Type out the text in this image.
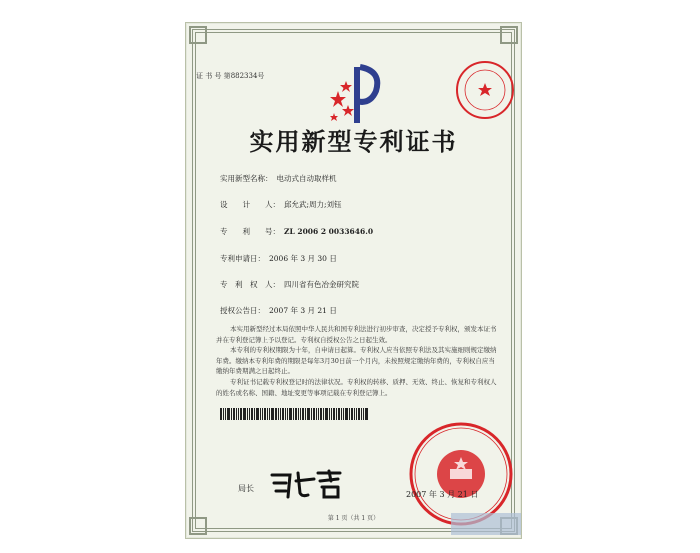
证 书 号 第882334号
实用新型专利证书
实用新型名称： 电动式自动取样机
设　　计　　人： 邱允武;周力;刘钰
专　　利　　号： ZL 2006 2 0033646.0
专利申请日： 2006 年 3 月 30 日
专　利　权　人： 四川省有色冶金研究院
授权公告日： 2007 年 3 月 21 日

本实用新型经过本局依照中华人民共和国专利法进行初步审查，决定授予专利权，颁发本证书并在专利登记簿上予以登记。专利权自授权公告之日起生效。

本专利的专利权期限为十年，自申请日起算。专利权人应当依照专利法及其实施细则规定缴纳年费。缴纳本专利年费的期限是每年3月30日前一个月内，未按照规定缴纳年费的，专利权自应当缴纳年费期满之日起终止。

专利证书记载专利权登记时的法律状况。专利权的转移、质押、无效、终止、恢复和专利权人的姓名或名称、国籍、地址变更等事项记载在专利登记簿上。

局长
2007 年 3 月 21 日
第 1 页（共 1 页）
